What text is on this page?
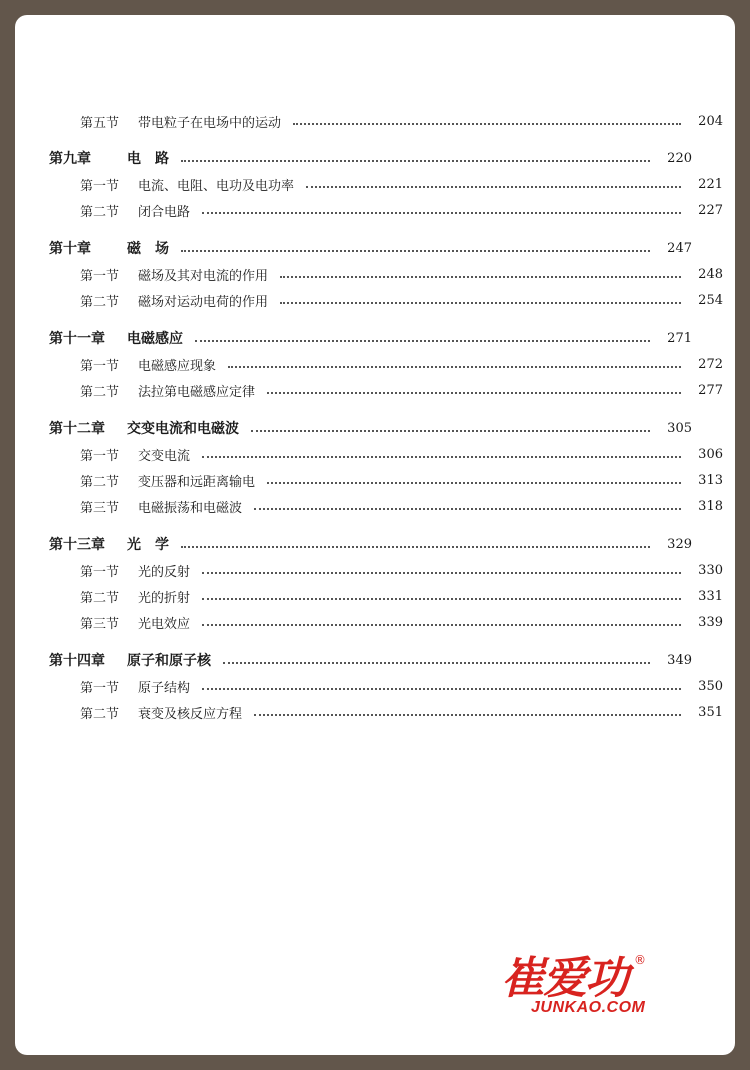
第五节	带电粒子在电场中的运动	204
第九章	电　路	220
第一节	电流、电阻、电功及电功率	221
第二节	闭合电路	227
第十章	磁　场	247
第一节	磁场及其对电流的作用	248
第二节	磁场对运动电荷的作用	254
第十一章	电磁感应	271
第一节	电磁感应现象	272
第二节	法拉第电磁感应定律	277
第十二章	交变电流和电磁波	305
第一节	交变电流	306
第二节	变压器和远距离输电	313
第三节	电磁振荡和电磁波	318
第十三章	光　学	329
第一节	光的反射	330
第二节	光的折射	331
第三节	光电效应	339
第十四章	原子和原子核	349
第一节	原子结构	350
第二节	衰变及核反应方程	351
崔爱功 ®
JUNKAO.COM
